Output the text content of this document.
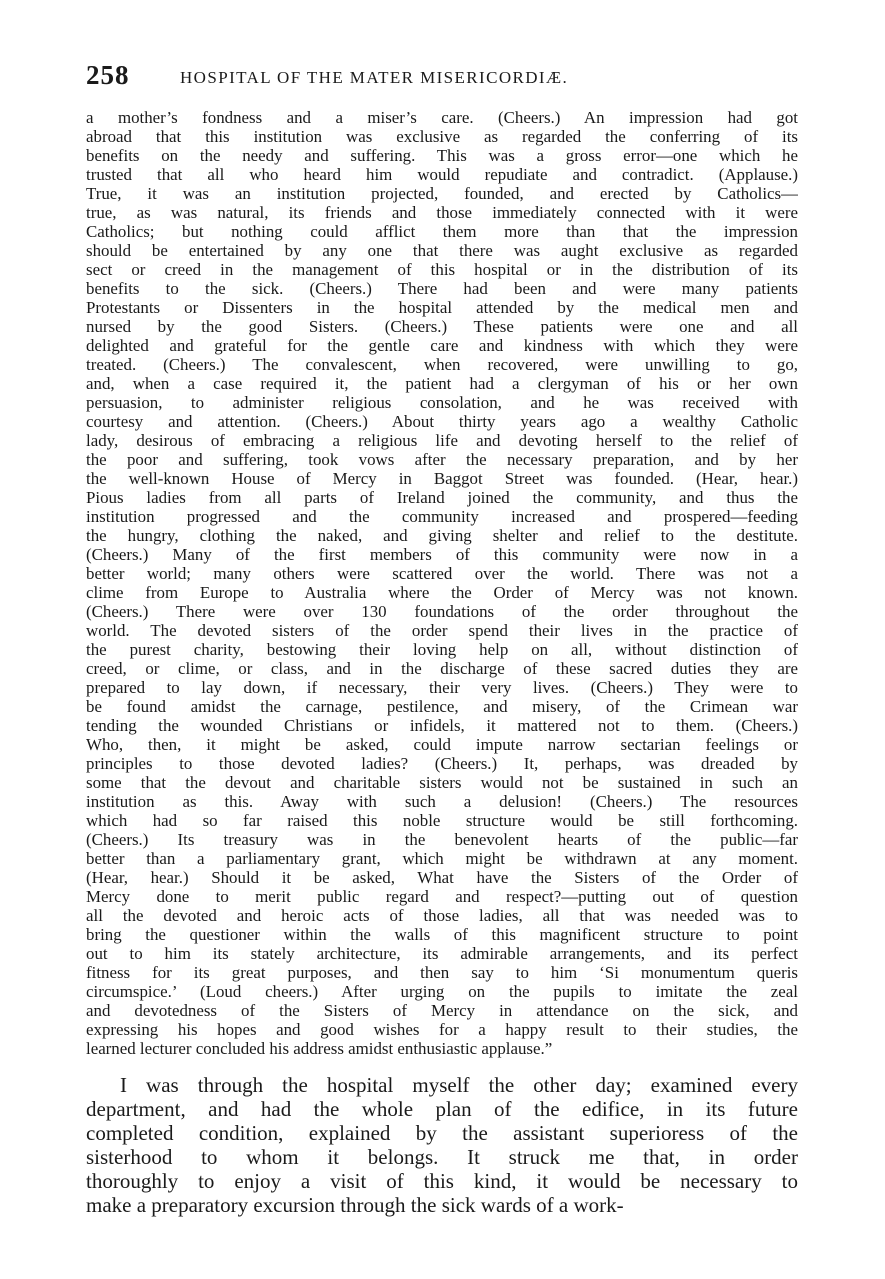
258	HOSPITAL OF THE MATER MISERICORDIÆ.
a mother’s fondness and a miser’s care. (Cheers.) An impression had got
abroad that this institution was exclusive as regarded the conferring of its
benefits on the needy and suffering. This was a gross error—one which he
trusted that all who heard him would repudiate and contradict. (Applause.)
True, it was an institution projected, founded, and erected by Catholics—
true, as was natural, its friends and those immediately connected with it were
Catholics; but nothing could afflict them more than that the impression
should be entertained by any one that there was aught exclusive as regarded
sect or creed in the management of this hospital or in the distribution of its
benefits to the sick. (Cheers.) There had been and were many patients
Protestants or Dissenters in the hospital attended by the medical men and
nursed by the good Sisters. (Cheers.) These patients were one and all
delighted and grateful for the gentle care and kindness with which they were
treated. (Cheers.) The convalescent, when recovered, were unwilling to go,
and, when a case required it, the patient had a clergyman of his or her own
persuasion, to administer religious consolation, and he was received with
courtesy and attention. (Cheers.) About thirty years ago a wealthy Catholic
lady, desirous of embracing a religious life and devoting herself to the relief of
the poor and suffering, took vows after the necessary preparation, and by her
the well-known House of Mercy in Baggot Street was founded. (Hear, hear.)
Pious ladies from all parts of Ireland joined the community, and thus the
institution progressed and the community increased and prospered—feeding
the hungry, clothing the naked, and giving shelter and relief to the destitute.
(Cheers.) Many of the first members of this community were now in a
better world; many others were scattered over the world. There was not a
clime from Europe to Australia where the Order of Mercy was not known.
(Cheers.) There were over 130 foundations of the order throughout the
world. The devoted sisters of the order spend their lives in the practice of
the purest charity, bestowing their loving help on all, without distinction of
creed, or clime, or class, and in the discharge of these sacred duties they are
prepared to lay down, if necessary, their very lives. (Cheers.) They were to
be found amidst the carnage, pestilence, and misery, of the Crimean war
tending the wounded Christians or infidels, it mattered not to them. (Cheers.)
Who, then, it might be asked, could impute narrow sectarian feelings or
principles to those devoted ladies? (Cheers.) It, perhaps, was dreaded by
some that the devout and charitable sisters would not be sustained in such an
institution as this. Away with such a delusion! (Cheers.) The resources
which had so far raised this noble structure would be still forthcoming.
(Cheers.) Its treasury was in the benevolent hearts of the public—far
better than a parliamentary grant, which might be withdrawn at any moment.
(Hear, hear.) Should it be asked, What have the Sisters of the Order of
Mercy done to merit public regard and respect?—putting out of question
all the devoted and heroic acts of those ladies, all that was needed was to
bring the questioner within the walls of this magnificent structure to point
out to him its stately architecture, its admirable arrangements, and its perfect
fitness for its great purposes, and then say to him ‘Si monumentum queris
circumspice.’ (Loud cheers.) After urging on the pupils to imitate the zeal
and devotedness of the Sisters of Mercy in attendance on the sick, and
expressing his hopes and good wishes for a happy result to their studies, the
learned lecturer concluded his address amidst enthusiastic applause.”
I was through the hospital myself the other day; examined every
department, and had the whole plan of the edifice, in its future
completed condition, explained by the assistant superioress of the
sisterhood to whom it belongs. It struck me that, in order
thoroughly to enjoy a visit of this kind, it would be necessary to
make a preparatory excursion through the sick wards of a work-
